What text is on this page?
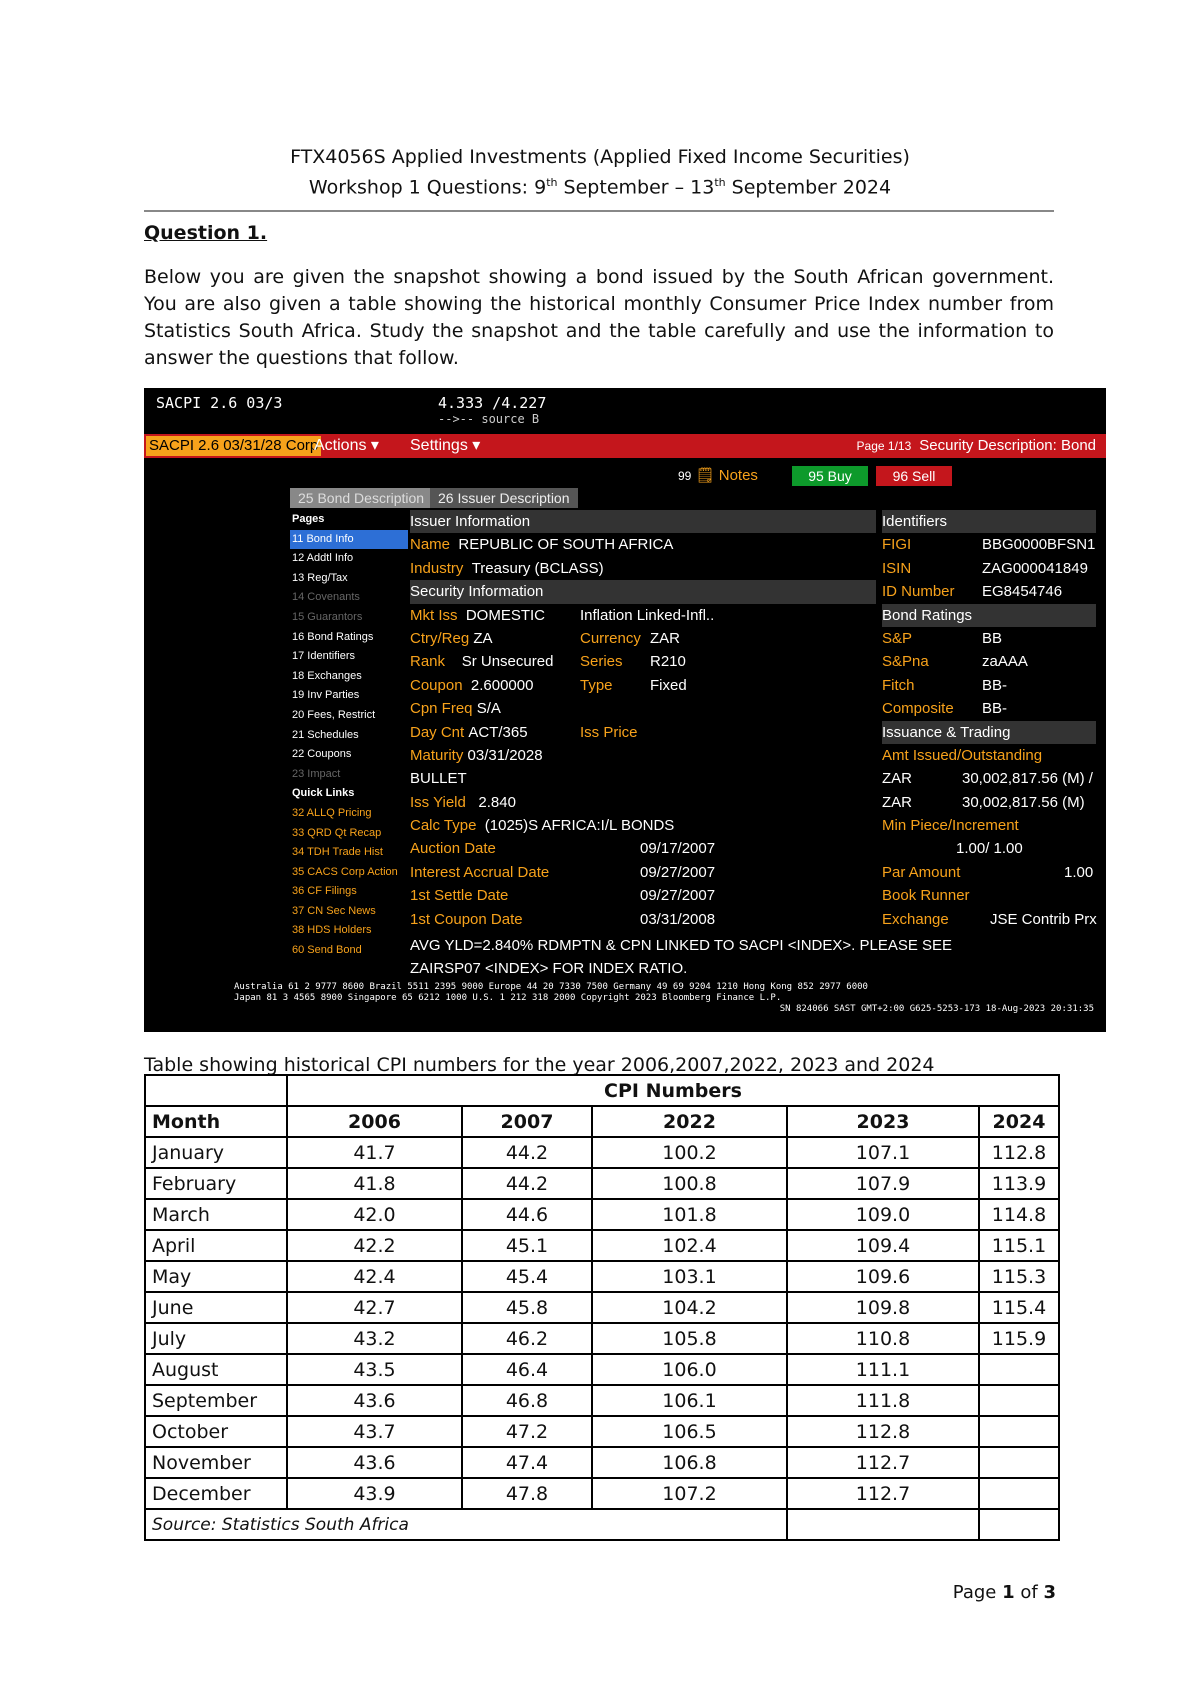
FTX4056S Applied Investments (Applied Fixed Income Securities)
Workshop 1 Questions: 9th September – 13th September 2024
Question 1.
Below you are given the snapshot showing a bond issued by the South African government. You are also given a table showing the historical monthly Consumer Price Index number from Statistics South Africa. Study the snapshot and the table carefully and use the information to answer the questions that follow.
SACPI 2.6 03/3	4.333 /4.227
-->-- source B
SACPI 2.6 03/31/28 Corp
Actions ▾ Settings ▾	Page 1/13 Security Description: Bond
99 🗒 Notes	95 Buy	96 Sell
25 Bond Description 26 Issuer Description
Pages
11 Bond Info
12 Addtl Info
13 Reg/Tax
14 Covenants
15 Guarantors
16 Bond Ratings
17 Identifiers
18 Exchanges
19 Inv Parties
20 Fees, Restrict
21 Schedules
22 Coupons
23 Impact
Quick Links
32 ALLQ Pricing
33 QRD Qt Recap
34 TDH Trade Hist
35 CACS Corp Action
36 CF Filings
37 CN Sec News
38 HDS Holders
60 Send Bond
Issuer Information
Name REPUBLIC OF SOUTH AFRICA
Industry Treasury (BCLASS)
Security Information
Mkt Iss DOMESTIC Inflation Linked-Infl..
Ctry/Reg ZA	Currency ZAR
Rank Sr Unsecured Series R210
Coupon 2.600000	Type Fixed
Cpn Freq S/A
Day Cnt ACT/365	Iss Price
Maturity 03/31/2028
BULLET
Iss Yield 2.840
Calc Type (1025)S AFRICA:I/L BONDS
Auction Date	09/17/2007
Interest Accrual Date	09/27/2007
1st Settle Date	09/27/2007
1st Coupon Date	03/31/2008
Identifiers
FIGI	BBG0000BFSN1
ISIN	ZAG000041849
ID Number EG8454746
Bond Ratings
S&P	BB
S&Pna	zaAAA
Fitch	BB-
Composite BB-
Issuance & Trading
Amt Issued/Outstanding
ZAR	30,002,817.56 (M) /
ZAR	30,002,817.56 (M)
Min Piece/Increment
1.00/ 1.00
Par Amount	1.00
Book Runner
Exchange	JSE Contrib Prx
AVG YLD=2.840% RDMPTN & CPN LINKED TO SACPI <INDEX>. PLEASE SEE ZAIRSP07 <INDEX> FOR INDEX RATIO.
Australia 61 2 9777 8600 Brazil 5511 2395 9000 Europe 44 20 7330 7500 Germany 49 69 9204 1210 Hong Kong 852 2977 6000
Japan 81 3 4565 8900 Singapore 65 6212 1000 U.S. 1 212 318 2000 Copyright 2023 Bloomberg Finance L.P.
SN 824066 SAST GMT+2:00 G625-5253-173 18-Aug-2023 20:31:35
Table showing historical CPI numbers for the year 2006,2007,2022, 2023 and 2024
	CPI Numbers				
Month	2006	2007	2022	2023	2024
January	41.7	44.2	100.2	107.1	112.8
February	41.8	44.2	100.8	107.9	113.9
March	42.0	44.6	101.8	109.0	114.8
April	42.2	45.1	102.4	109.4	115.1
May	42.4	45.4	103.1	109.6	115.3
June	42.7	45.8	104.2	109.8	115.4
July	43.2	46.2	105.8	110.8	115.9
August	43.5	46.4	106.0	111.1	
September	43.6	46.8	106.1	111.8	
October	43.7	47.2	106.5	112.8	
November	43.6	47.4	106.8	112.7	
December	43.9	47.8	107.2	112.7	
Source: Statistics South Africa					
Page 1 of 3
